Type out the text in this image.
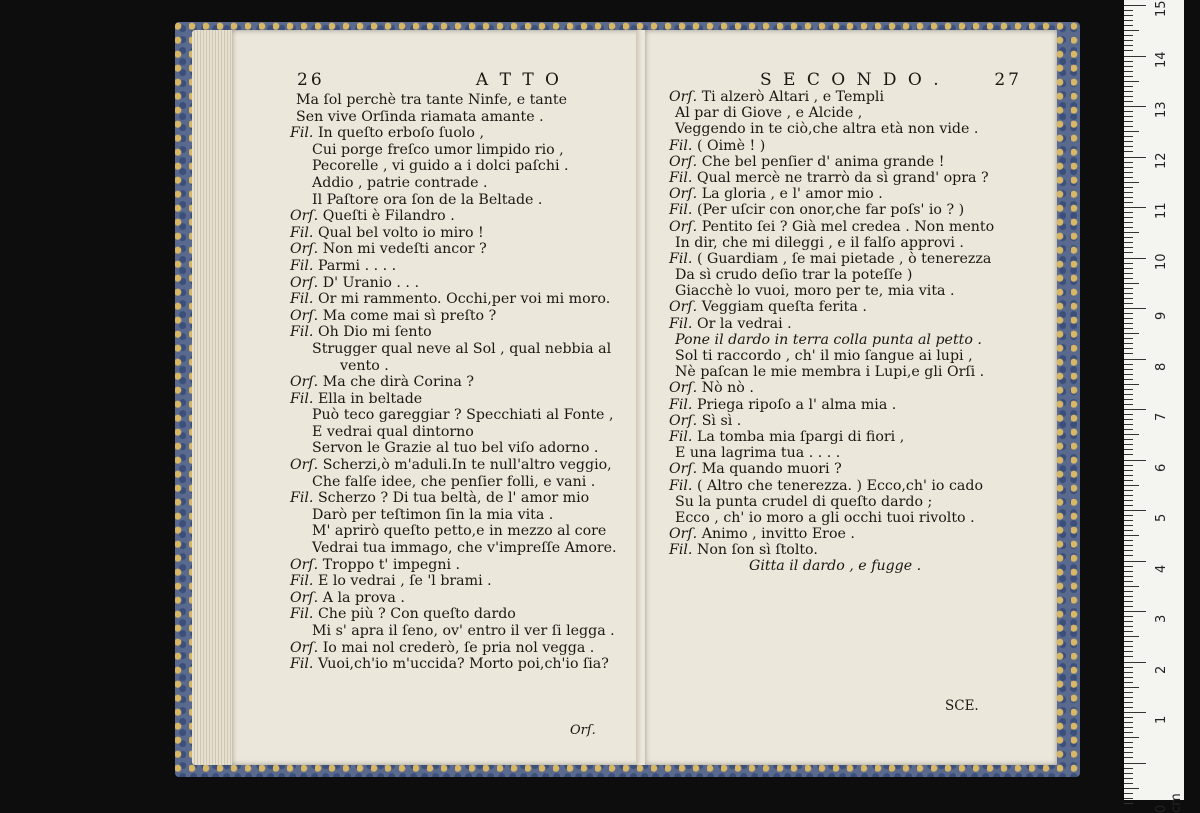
26	A T T O
Ma ſol perchè tra tante Ninfe, e tante
Sen vive Orſinda riamata amante .
Fil. In queſto erboſo ſuolo ,
Cui porge freſco umor limpido rio ,
Pecorelle , vi guido a i dolci paſchi .
Addio , patrie contrade .
Il Paſtore ora ſon de la Beltade .
Orſ. Queſti è Filandro .
Fil. Qual bel volto io miro !
Orſ. Non mi vedeſti ancor ?
Fil. Parmi . . . .
Orſ. D' Uranio . . .
Fil. Or mi rammento. Occhi,per voi mi moro.
Orſ. Ma come mai sì preſto ?
Fil. Oh Dio mi ſento
Strugger qual neve al Sol , qual nebbia al
vento .
Orſ. Ma che dirà Corina ?
Fil. Ella in beltade
Può teco gareggiar ? Specchiati al Fonte ,
E vedrai qual dintorno
Servon le Grazie al tuo bel viſo adorno .
Orſ. Scherzi,ò m'aduli.In te null'altro veggio,
Che falſe idee, che penſier folli, e vani .
Fil. Scherzo ? Di tua beltà, de l' amor mio
Darò per teſtimon ſin la mia vita .
M' aprirò queſto petto,e in mezzo al core
Vedrai tua immago, che v'impreſſe Amore.
Orſ. Troppo t' impegni .
Fil. E lo vedrai , ſe 'l brami .
Orſ. A la prova .
Fil. Che più ? Con queſto dardo
Mi s' apra il ſeno, ov' entro il ver ſi legga .
Orſ. Io mai nol crederò, ſe pria nol vegga .
Fil. Vuoi,ch'io m'uccida? Morto poi,ch'io ſia?
Orſ.
S E C O N D O .	27
Orſ. Ti alzerò Altari , e Templi
Al par di Giove , e Alcide ,
Veggendo in te ciò,che altra età non vide .
Fil. ( Oimè ! )
Orſ. Che bel penſier d' anima grande !
Fil. Qual mercè ne trarrò da sì grand' opra ?
Orſ. La gloria , e l' amor mio .
Fil. (Per uſcir con onor,che far poſs' io ? )
Orſ. Pentito ſei ? Già mel credea . Non mento
In dir, che mi dileggi , e il falſo approvi .
Fil. ( Guardiam , ſe mai pietade , ò tenerezza
Da sì crudo deſio trar la poteſſe )
Giacchè lo vuoi, moro per te, mia vita .
Orſ. Veggiam queſta ferita .
Fil. Or la vedrai .
Pone il dardo in terra colla punta al petto .
Sol ti raccordo , ch' il mio ſangue ai lupi ,
Nè paſcan le mie membra i Lupi,e gli Orſi .
Orſ. Nò nò .
Fil. Priega ripoſo a l' alma mia .
Orſ. Sì sì .
Fil. La tomba mia ſpargi di fiori ,
E una lagrima tua . . . .
Orſ. Ma quando muori ?
Fil. ( Altro che tenerezza. ) Ecco,ch' io cado
Su la punta crudel di queſto dardo ;
Ecco , ch' io moro a gli occhi tuoi rivolto .
Orſ. Animo , invitto Eroe .
Fil. Non ſon sì ſtolto.
Gitta il dardo , e fugge .
SCE.
15
14
13
12
11
10
9
8
7
6
5
4
3
2
1
0 cm
